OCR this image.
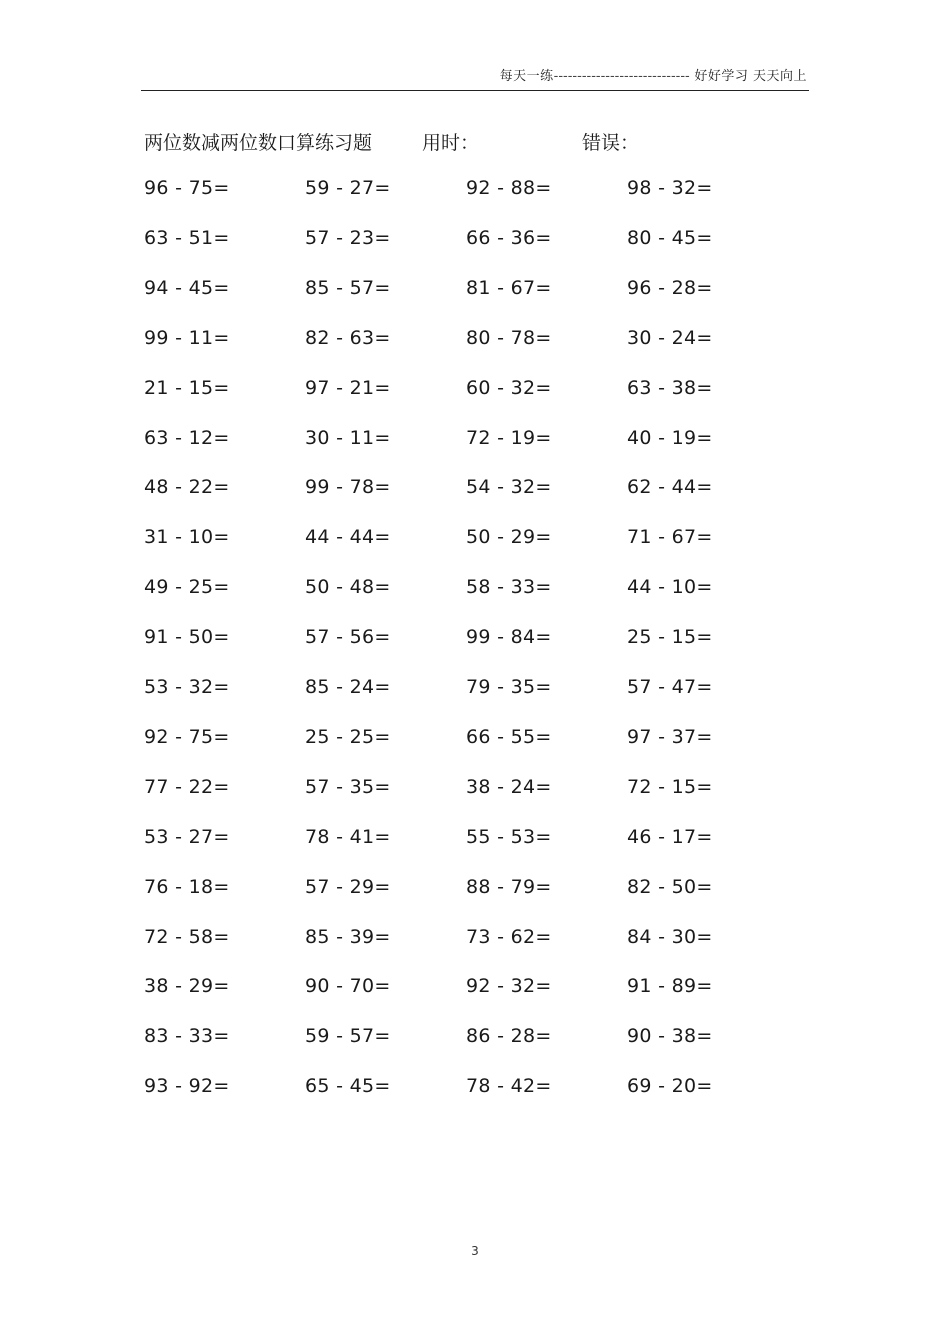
每天一练----------------------------- 好好学习 天天向上
两位数减两位数口算练习题	用时：	错误：
96 - 75=	59 - 27=	92 - 88=	98 - 32=
63 - 51=	57 - 23=	66 - 36=	80 - 45=
94 - 45=	85 - 57=	81 - 67=	96 - 28=
99 - 11=	82 - 63=	80 - 78=	30 - 24=
21 - 15=	97 - 21=	60 - 32=	63 - 38=
63 - 12=	30 - 11=	72 - 19=	40 - 19=
48 - 22=	99 - 78=	54 - 32=	62 - 44=
31 - 10=	44 - 44=	50 - 29=	71 - 67=
49 - 25=	50 - 48=	58 - 33=	44 - 10=
91 - 50=	57 - 56=	99 - 84=	25 - 15=
53 - 32=	85 - 24=	79 - 35=	57 - 47=
92 - 75=	25 - 25=	66 - 55=	97 - 37=
77 - 22=	57 - 35=	38 - 24=	72 - 15=
53 - 27=	78 - 41=	55 - 53=	46 - 17=
76 - 18=	57 - 29=	88 - 79=	82 - 50=
72 - 58=	85 - 39=	73 - 62=	84 - 30=
38 - 29=	90 - 70=	92 - 32=	91 - 89=
83 - 33=	59 - 57=	86 - 28=	90 - 38=
93 - 92=	65 - 45=	78 - 42=	69 - 20=
3
